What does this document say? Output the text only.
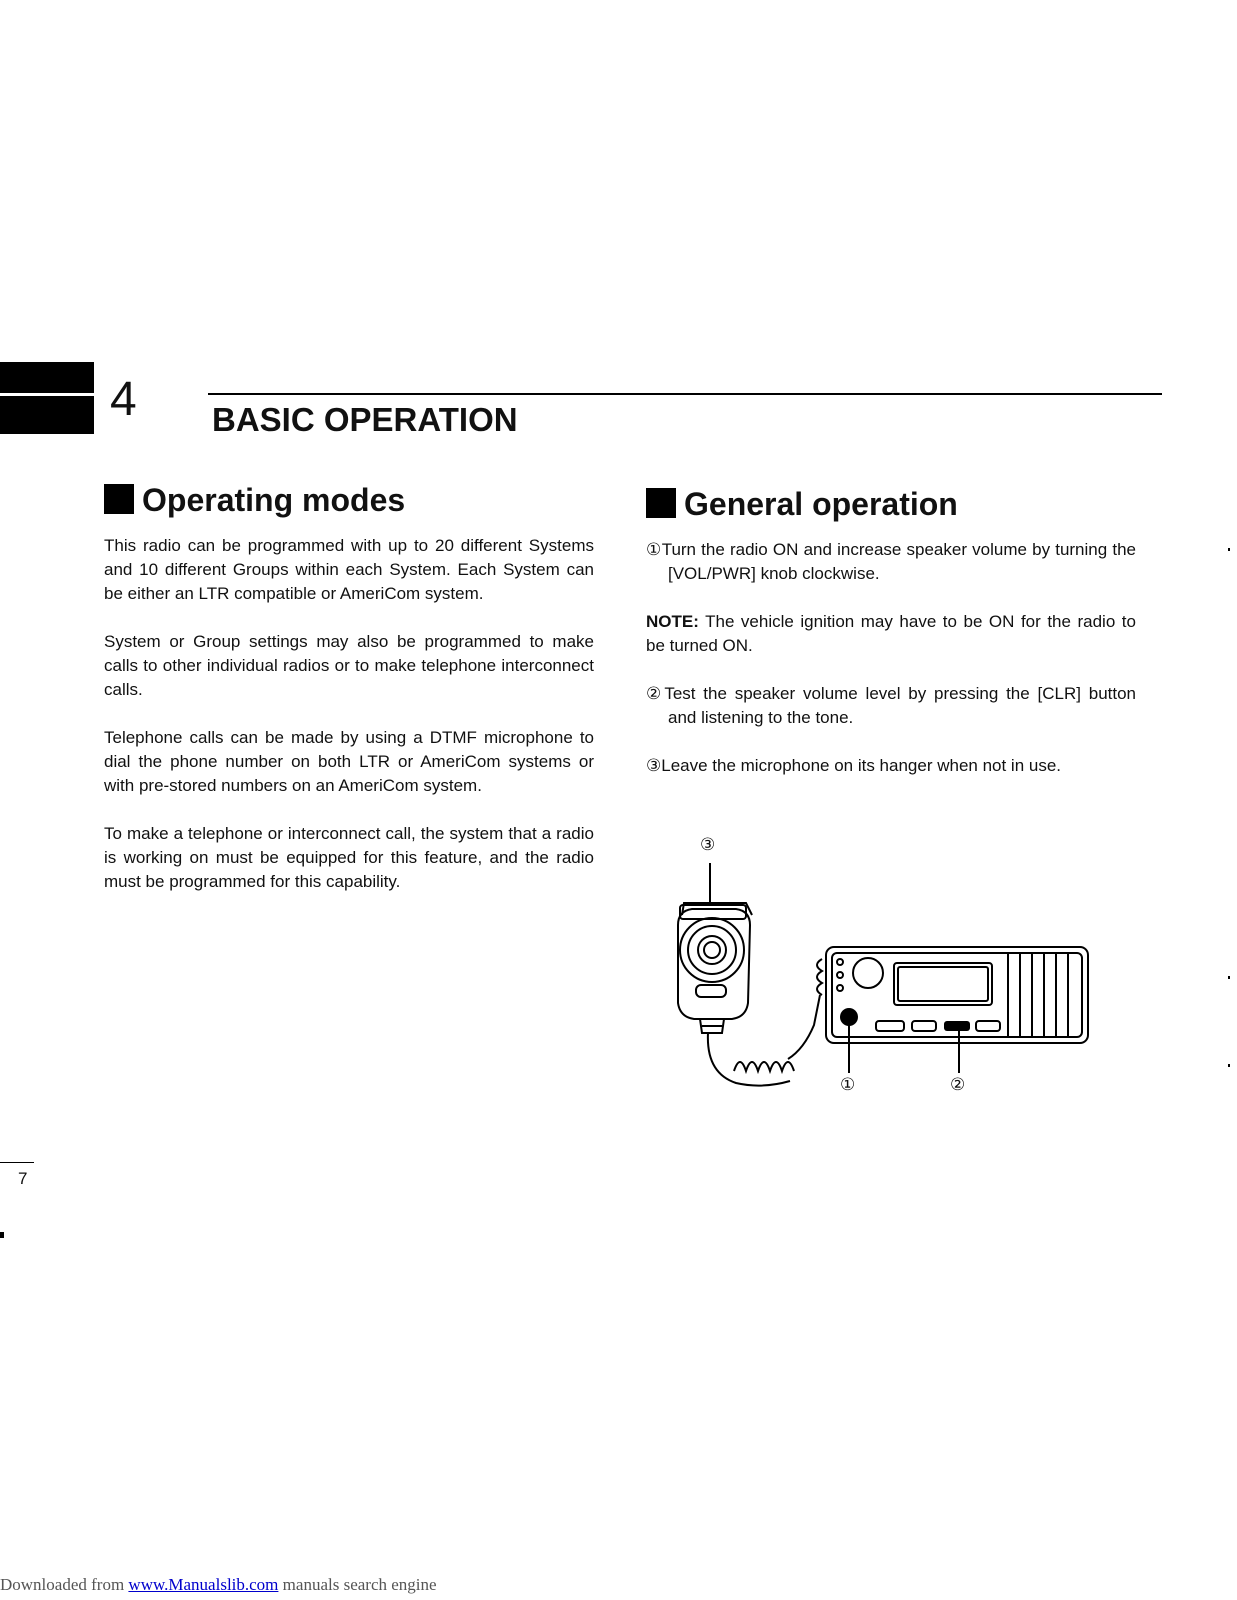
4 BASIC OPERATION
Operating modes

This radio can be programmed with up to 20 different Systems and 10 different Groups within each System. Each System can be either an LTR compatible or AmeriCom system.

System or Group settings may also be programmed to make calls to other individual radios or to make telephone interconnect calls.

Telephone calls can be made by using a DTMF microphone to dial the phone number on both LTR or AmeriCom systems or with pre-stored numbers on an AmeriCom system.

To make a telephone or interconnect call, the system that a radio is working on must be equipped for this feature, and the radio must be programmed for this capability.

General operation
①Turn the radio ON and increase speaker volume by turning the [VOL/PWR] knob clockwise.
NOTE: The vehicle ignition may have to be ON for the radio to be turned ON.
②Test the speaker volume level by pressing the [CLR] button and listening to the tone.
③Leave the microphone on its hanger when not in use.
③
①	②
7
Downloaded from www.Manualslib.com manuals search engine
